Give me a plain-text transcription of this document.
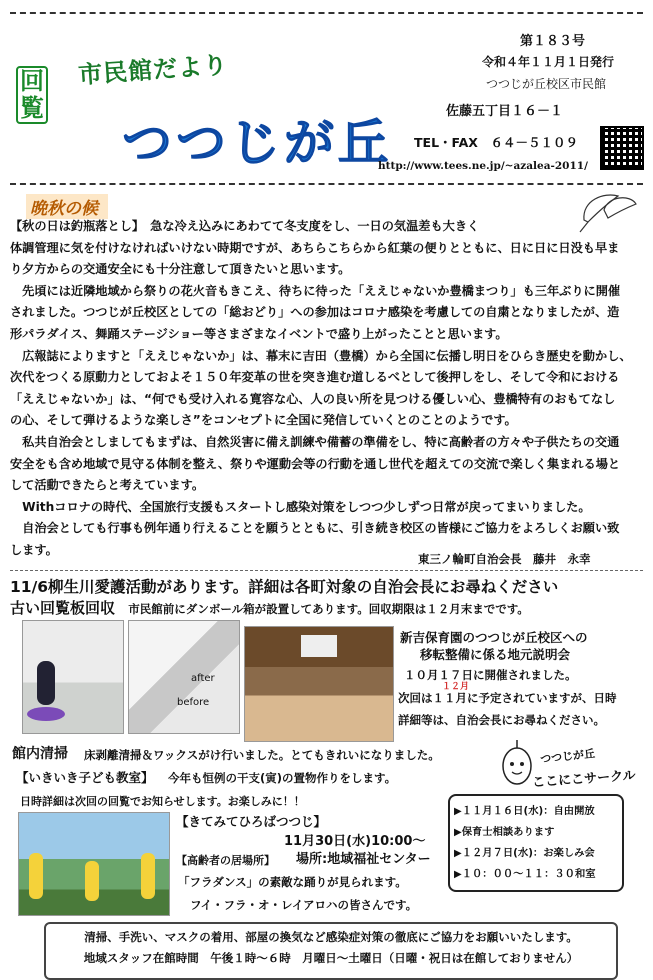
回
覧
市民館だより
つつじが丘
第１８３号
令和４年１１月１日発行
つつじが丘校区市民館
佐藤五丁目１６－１
TEL・FAX　６４－５１０９
http://www.tees.ne.jp/~azalea-2011/
晩秋の候

【秋の日は釣瓶落とし】　急な冷え込みにあわてて冬支度をし、一日の気温差も大きく

体調管理に気を付けなければいけない時期ですが、あちらこちらから紅葉の便りとともに、日に日に日没も早ま

り夕方からの交通安全にも十分注意して頂きたいと思います。

　先頃には近隣地域から祭りの花火音もきこえ、待ちに待った「ええじゃないか豊橋まつり」も三年ぶりに開催

されました。つつじが丘校区としての「総おどり」への参加はコロナ感染を考慮しての自粛となりましたが、造

形パラダイス、舞踊ステージショー等さまざまなイベントで盛り上がったことと思います。

　広報誌によりますと「ええじゃないか」は、幕末に吉田（豊橋）から全国に伝播し明日をひらき歴史を動かし、

次代をつくる原動力としておよそ１５０年変革の世を突き進む道しるべとして後押しをし、そして令和における

「ええじゃないか」は、“何でも受け入れる寛容な心、人の良い所を見つける優しい心、豊橋特有のおもてなし

の心、そして弾けるような楽しさ”をコンセプトに全国に発信していくとのことのようです。

　私共自治会としましてもまずは、自然災害に備え訓練や備蓄の準備をし、特に高齢者の方々や子供たちの交通

安全をも含め地域で見守る体制を整え、祭りや運動会等の行動を通し世代を超えての交流で楽しく集まれる場と

して活動できたらと考えています。

　Withコロナの時代、全国旅行支援もスタートし感染対策をしつつ少しずつ日常が戻ってまいりました。

　自治会としても行事も例年通り行えることを願うとともに、引き続き校区の皆様にご協力をよろしくお願い致

します。

東三ノ輪町自治会長　藤井　永幸
11/6柳生川愛護活動があります。詳細は各町対象の自治会長にお尋ねください
古い回覧板回収 市民館前にダンボール箱が設置してあります。回収期限は１２月末までです。
after
before
新吉保育園のつつじが丘校区への
移転整備に係る地元説明会
１０月１７日に開催されました。
１２月
次回は１１月に予定されていますが、日時
詳細等は、自治会長にお尋ねください。
館内清掃 床剥離清掃＆ワックスがけ行いました。とてもきれいになりました。
【いきいき子ども教室】 今年も恒例の干支(寅)の置物作りをします。
日時詳細は次回の回覧でお知らせします。お楽しみに！！
【きてみてひろばつつじ】
11月30日(水)10:00～
場所:地域福祉センター
【高齢者の居場所】
「フラダンス」の素敵な踊りが見られます。
フイ・フラ・オ・レイアロハの皆さんです。
つつじが丘
ここにこサークル
▶１１月１６日(水)：自由開放
▶保育士相談あります
▶１２月７日(水)：お楽しみ会
▶１０：００～１１：３０和室

清掃、手洗い、マスクの着用、部屋の換気など感染症対策の徹底にご協力をお願いいたします。

地域スタッフ在館時間　午後１時～６時　月曜日～土曜日（日曜・祝日は在館しておりません）
